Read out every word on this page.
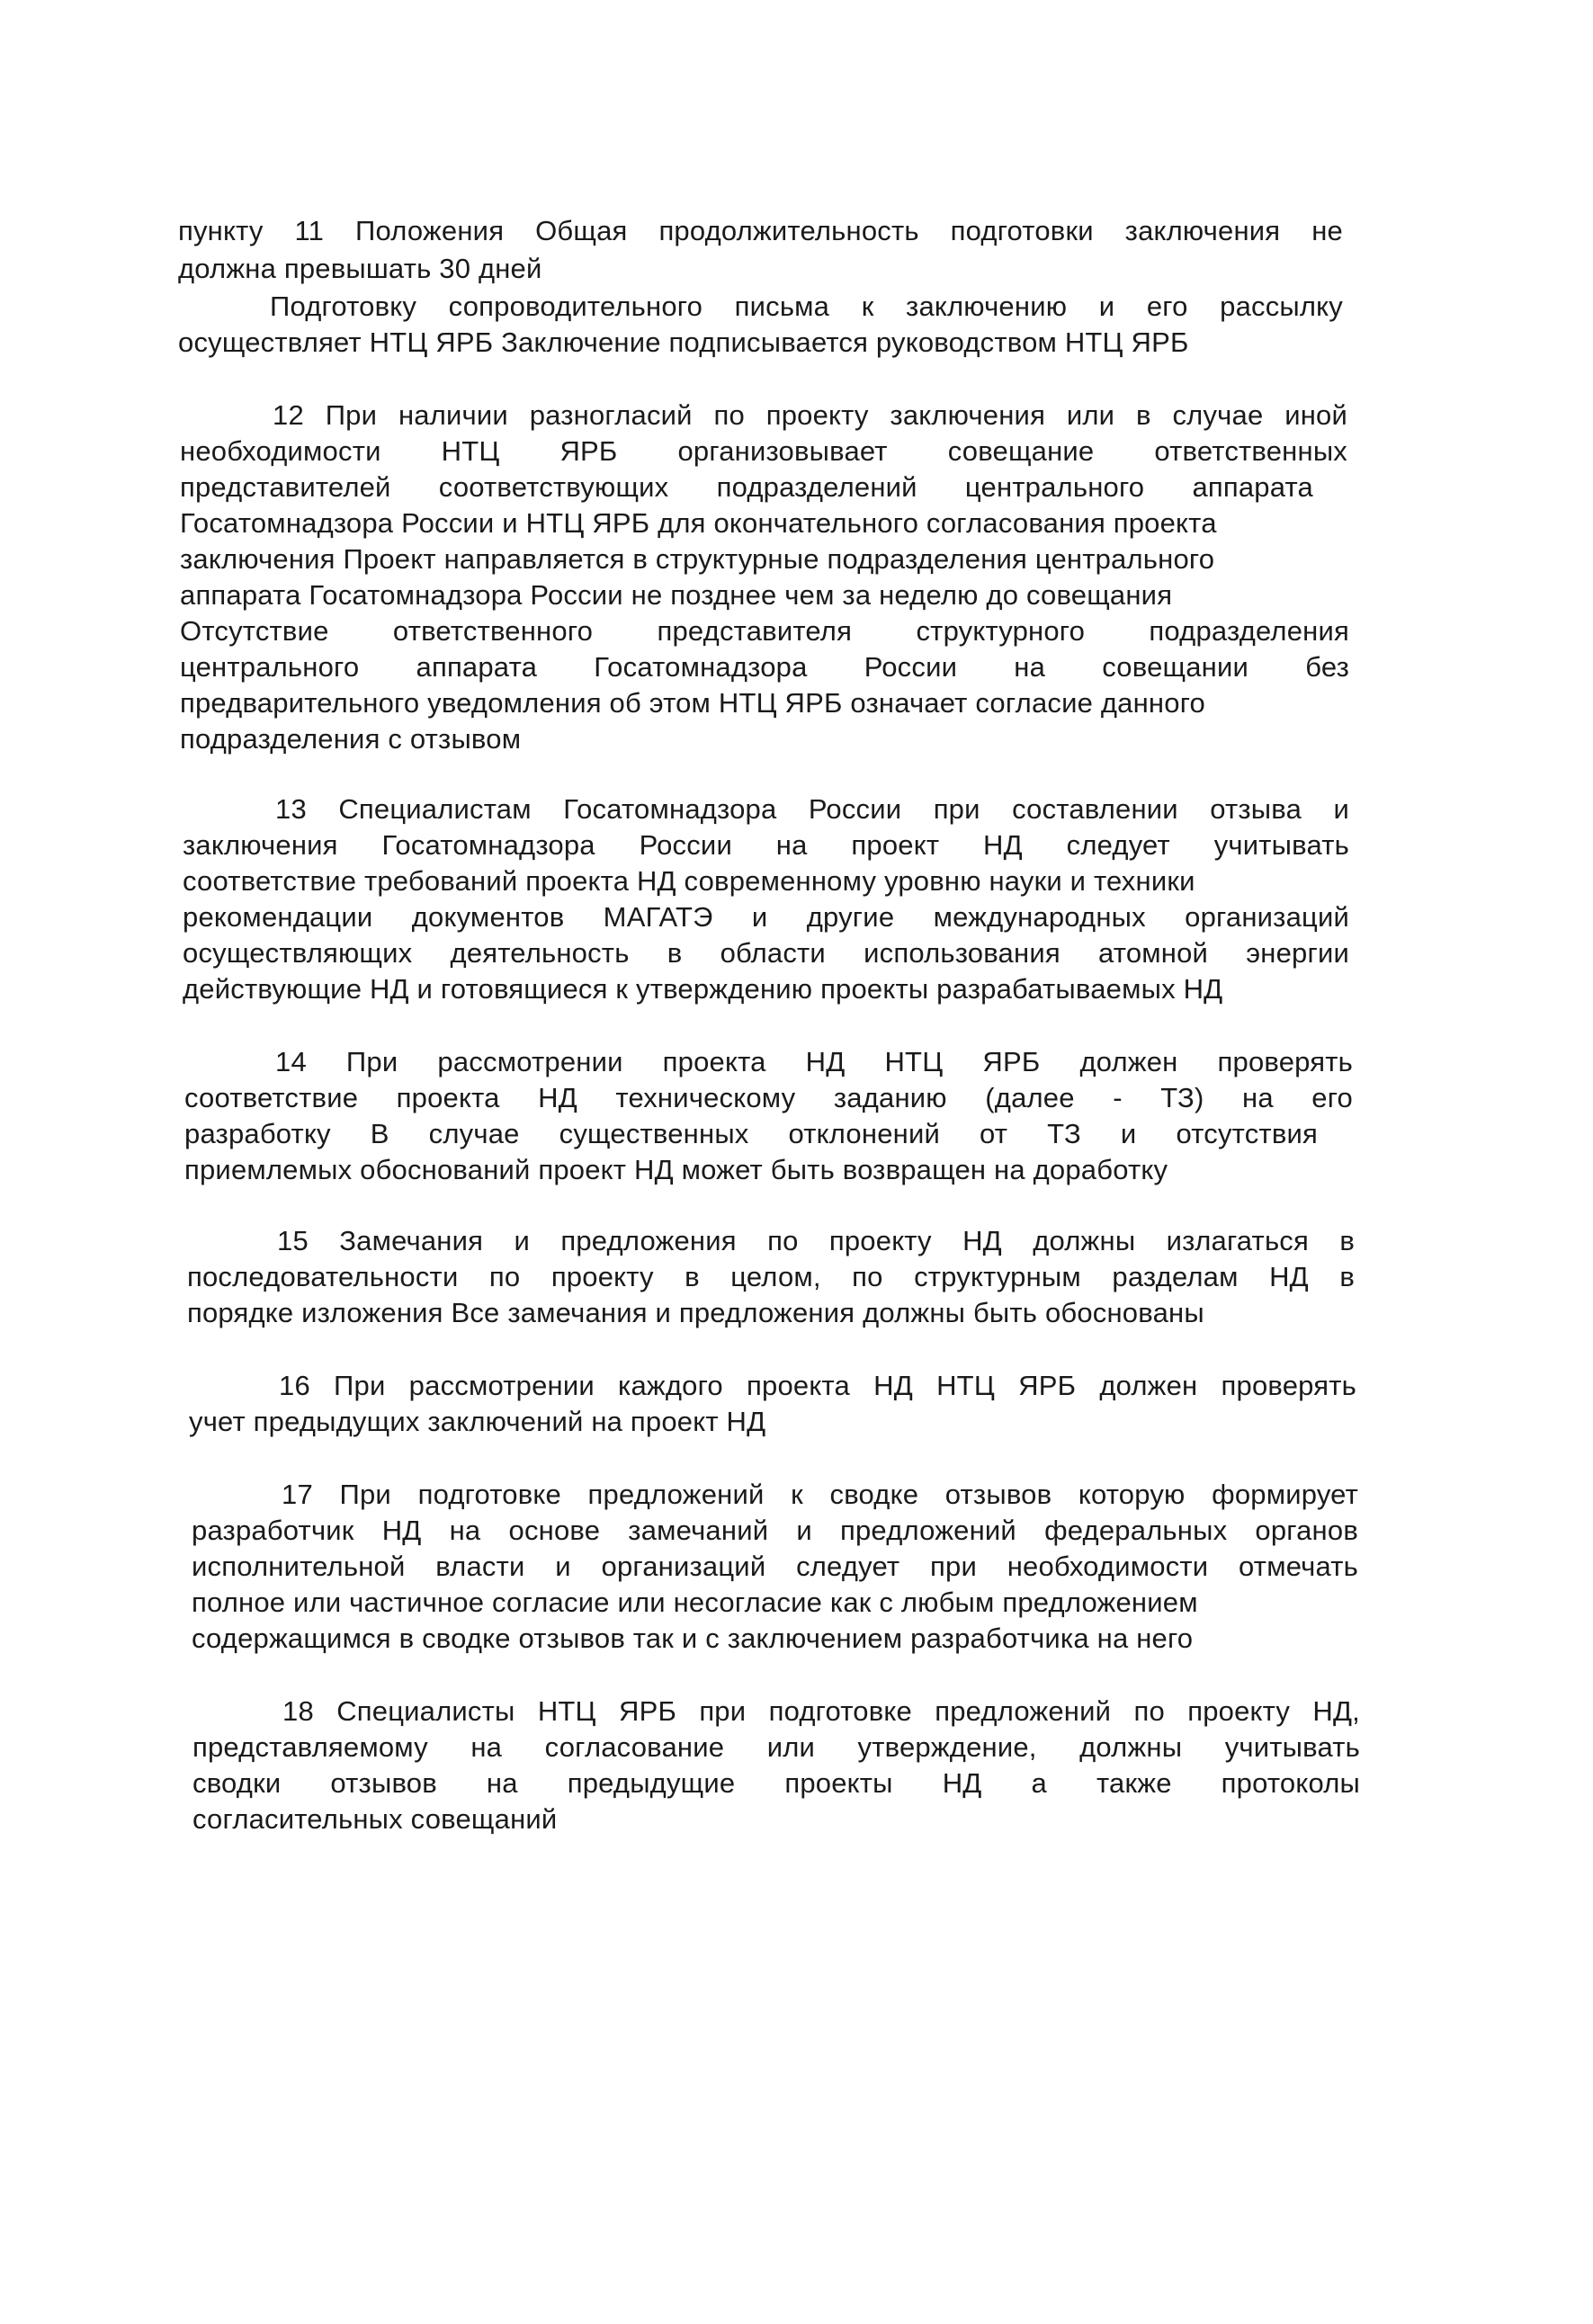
пункту 11 Положения Общая продолжительность подготовки заключения не
должна превышать 30 дней
Подготовку сопроводительного письма к заключению и его рассылку
осуществляет НТЦ ЯРБ Заключение подписывается руководством НТЦ ЯРБ
12 При наличии разногласий по проекту заключения или в случае иной
необходимости НТЦ ЯРБ организовывает совещание ответственных
представителей соответствующих подразделений центрального аппарата
Госатомнадзора России и НТЦ ЯРБ для окончательного согласования проекта
заключения Проект направляется в структурные подразделения центрального
аппарата Госатомнадзора России не позднее чем за неделю до совещания
Отсутствие ответственного представителя структурного подразделения
центрального аппарата Госатомнадзора России на совещании без
предварительного уведомления об этом НТЦ ЯРБ означает согласие данного
подразделения с отзывом
13 Специалистам Госатомнадзора России при составлении отзыва и
заключения Госатомнадзора России на проект НД следует учитывать
соответствие требований проекта НД современному уровню науки и техники
рекомендации документов МАГАТЭ и другие международных организаций
осуществляющих деятельность в области использования атомной энергии
действующие НД и готовящиеся к утверждению проекты разрабатываемых НД
14 При рассмотрении проекта НД НТЦ ЯРБ должен проверять
соответствие проекта НД техническому заданию (далее - ТЗ) на его
разработку В случае существенных отклонений от ТЗ и отсутствия
приемлемых обоснований проект НД может быть возвращен на доработку
15 Замечания и предложения по проекту НД должны излагаться в
последовательности по проекту в целом, по структурным разделам НД в
порядке изложения Все замечания и предложения должны быть обоснованы
16 При рассмотрении каждого проекта НД НТЦ ЯРБ должен проверять
учет предыдущих заключений на проект НД
17 При подготовке предложений к сводке отзывов которую формирует
разработчик НД на основе замечаний и предложений федеральных органов
исполнительной власти и организаций следует при необходимости отмечать
полное или частичное согласие или несогласие как с любым предложением
содержащимся в сводке отзывов так и с заключением разработчика на него
18 Специалисты НТЦ ЯРБ при подготовке предложений по проекту НД,
представляемому на согласование или утверждение, должны учитывать
сводки отзывов на предыдущие проекты НД а также протоколы
согласительных совещаний
